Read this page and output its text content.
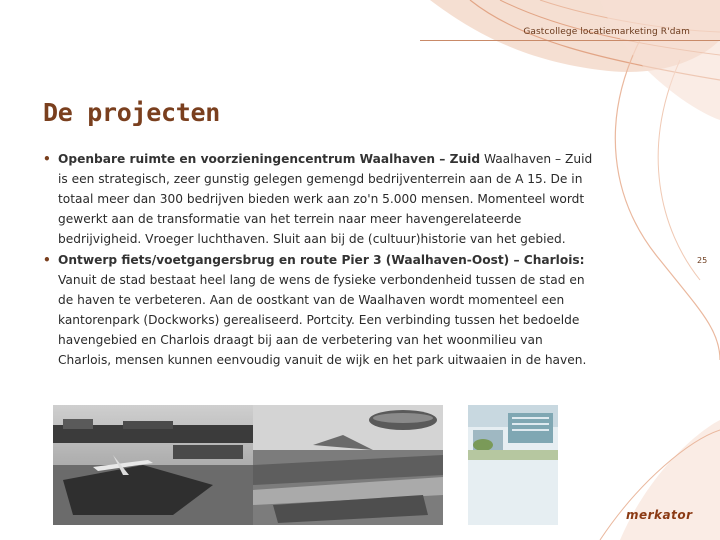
Gastcollege locatiemarketing R'dam
De projecten
25
• Openbare ruimte en voorzieningencentrum Waalhaven – Zuid Waalhaven – Zuid is een strategisch, zeer gunstig gelegen gemengd bedrijventerrein aan de A 15. De in totaal meer dan 300 bedrijven bieden werk aan zo'n 5.000 mensen. Momenteel wordt gewerkt aan de transformatie van het terrein naar meer havengerelateerde bedrijvigheid. Vroeger luchthaven. Sluit aan bij de (cultuur)historie van het gebied.
• Ontwerp fiets/voetgangersbrug en route Pier 3 (Waalhaven-Oost) – Charlois: Vanuit de stad bestaat heel lang de wens de fysieke verbondenheid tussen de stad en de haven te verbeteren. Aan de oostkant van de Waalhaven wordt momenteel een kantorenpark (Dockworks) gerealiseerd. Portcity. Een verbinding tussen het bedoelde havengebied en Charlois draagt bij aan de verbetering van het woonmilieu van Charlois, mensen kunnen eenvoudig vanuit de wijk en het park uitwaaien in de haven.
merkator
